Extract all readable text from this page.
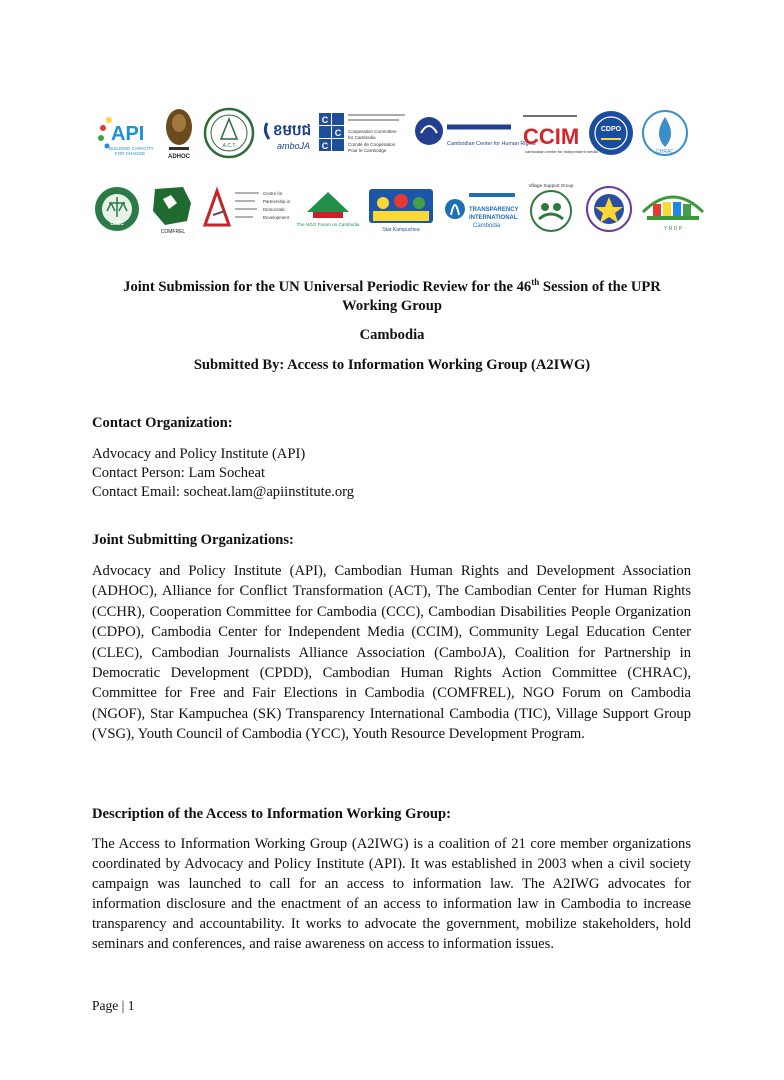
API
BUILDING CAPACITY
FOR CHANGE
ADHOC
A.C.T
ខមបជ
amboJA
C
C
C
Cooperation Committee
for Cambodia
Comité de Coopération
Pour le Cambodge
Cambodian Center for Human Rights
CCIM
cambodian center for independent media
CDPO
CHRAC
CLEC
COMFREL
Centre for
Partnership in
Democratic
Development
The NGO Forum on Cambodia
Star Kampuchea
TRANSPARENCY
INTERNATIONAL
Cambodia
Village Support Group
Y R D P
Joint Submission for the UN Universal Periodic Review for the 46th Session of the UPR
Working Group
Cambodia
Submitted By: Access to Information Working Group (A2IWG)
Contact Organization:
Advocacy and Policy Institute (API)
Contact Person: Lam Socheat
Contact Email: socheat.lam@apiinstitute.org
Joint Submitting Organizations:

Advocacy and Policy Institute (API), Cambodian Human Rights and Development Association (ADHOC), Alliance for Conflict Transformation (ACT), The Cambodian Center for Human Rights (CCHR), Cooperation Committee for Cambodia (CCC), Cambodian Disabilities People Organization (CDPO), Cambodia Center for Independent Media (CCIM), Community Legal Education Center (CLEC), Cambodian Journalists Alliance Association (CamboJA), Coalition for Partnership in Democratic Development (CPDD), Cambodian Human Rights Action Committee (CHRAC), Committee for Free and Fair Elections in Cambodia (COMFREL), NGO Forum on Cambodia (NGOF), Star Kampuchea (SK) Transparency International Cambodia (TIC), Village Support Group (VSG), Youth Council of Cambodia (YCC), Youth Resource Development Program.

Description of the Access to Information Working Group:

The Access to Information Working Group (A2IWG) is a coalition of 21 core member organizations coordinated by Advocacy and Policy Institute (API). It was established in 2003 when a civil society campaign was launched to call for an access to information law. The A2IWG advocates for information disclosure and the enactment of an access to information law in Cambodia to increase transparency and accountability. It works to advocate the government, mobilize stakeholders, hold seminars and conferences, and raise awareness on access to information issues.

Page | 1
